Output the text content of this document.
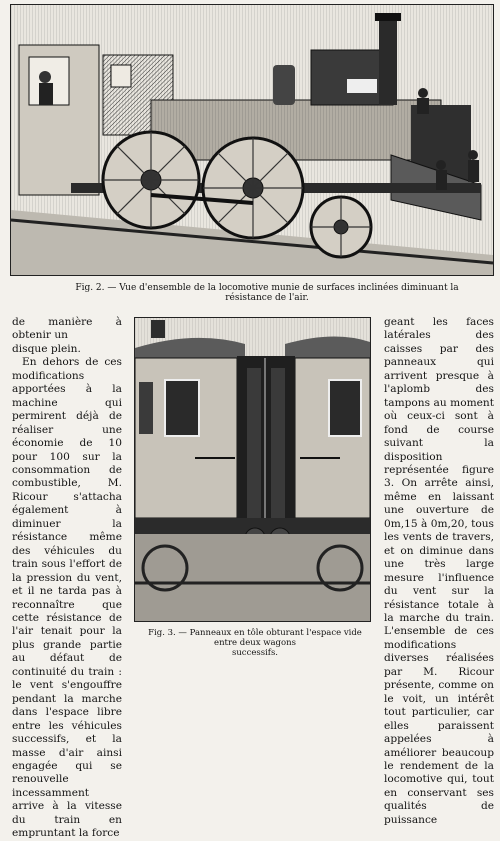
Fig. 2. — Vue d'ensemble de la locomotive munie de surfaces inclinées diminuant la résistance de l'air.

de manière à obtenir un

disque plein.

En dehors de ces modifications apportées à la machine qui permirent déjà de réaliser une économie de 10 pour 100 sur la consommation de combustible, M. Ricour s'attacha également à diminuer la résistance même des véhicules du train sous l'effort de la pression du vent, et il ne tarda pas à reconnaître que cette résistance de l'air tenait pour la plus grande partie au défaut de continuité du train : le vent s'engouffre pendant la marche dans l'espace libre entre les véhicules successifs, et la masse d'air ainsi engagée qui se renouvelle incessamment arrive à la vitesse du train en empruntant la force

Fig. 3. — Panneaux en tôle obturant l'espace vide entre deux wagons
successifs.

geant les faces latérales des caisses par des panneaux qui arrivent presque à l'aplomb des tampons au moment où ceux-ci sont à fond de course suivant la disposition représentée figure 3. On arrête ainsi, même en laissant une ouverture de 0m,15 à 0m,20, tous les vents de travers, et on diminue dans une très large mesure l'influence du vent sur la résistance totale à la marche du train. L'ensemble de ces modifications diverses réalisées par M. Ricour présente, comme on le voit, un intérêt tout particulier, car elles paraissent appelées à améliorer beaucoup le rendement de la locomotive qui, tout en conservant ses qualités de puissance
